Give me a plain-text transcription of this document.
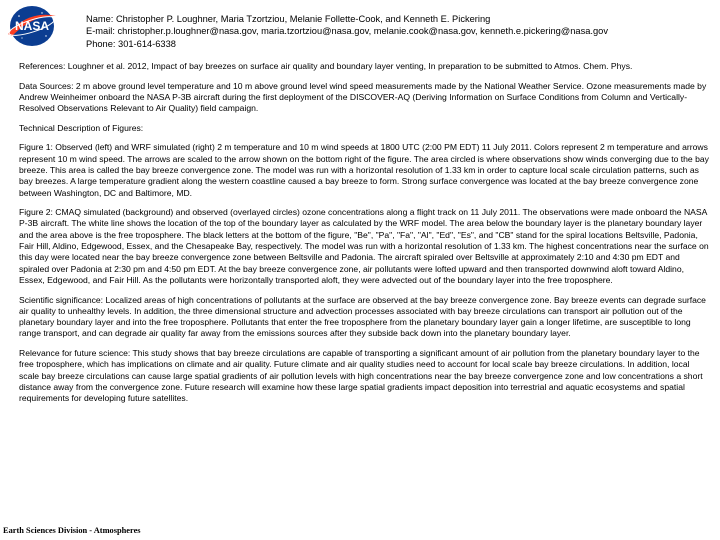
NASA	Name: Christopher P. Loughner, Maria Tzortziou, Melanie Follette-Cook, and Kenneth E. Pickering
E-mail: christopher.p.loughner@nasa.gov, maria.tzortziou@nasa.gov, melanie.cook@nasa.gov, kenneth.e.pickering@nasa.gov
Phone: 301-614-6338

References: Loughner et al. 2012, Impact of bay breezes on surface air quality and boundary layer venting, In preparation to be submitted to Atmos. Chem. Phys.

Data Sources: 2 m above ground level temperature and 10 m above ground level wind speed measurements made by the National Weather Service. Ozone measurements made by Andrew Weinheimer onboard the NASA P-3B aircraft during the first deployment of the DISCOVER-AQ (Deriving Information on Surface Conditions from Column and Vertically-Resolved Observations Relevant to Air Quality) field campaign.

Technical Description of Figures:

Figure 1: Observed (left) and WRF simulated (right) 2 m temperature and 10 m wind speeds at 1800 UTC (2:00 PM EDT) 11 July 2011. Colors represent 2 m temperature and arrows represent 10 m wind speed. The arrows are scaled to the arrow shown on the bottom right of the figure. The area circled is where observations show winds converging due to the bay breeze. This area is called the bay breeze convergence zone. The model was run with a horizontal resolution of 1.33 km in order to capture local scale circulation patterns, such as bay breezes. A large temperature gradient along the western coastline caused a bay breeze to form. Strong surface convergence was located at the bay breeze convergence zone between Washington, DC and Baltimore, MD.

Figure 2: CMAQ simulated (background) and observed (overlayed circles) ozone concentrations along a flight track on 11 July 2011. The observations were made onboard the NASA P-3B aircraft. The white line shows the location of the top of the boundary layer as calculated by the WRF model. The area below the boundary layer is the planetary boundary layer and the area above is the free troposphere. The black letters at the bottom of the figure, "Be", "Pa", "Fa", "Al", "Ed", "Es", and "CB" stand for the spiral locations Beltsville, Padonia, Fair Hill, Aldino, Edgewood, Essex, and the Chesapeake Bay, respectively. The model was run with a horizontal resolution of 1.33 km. The highest concentrations near the surface on this day were located near the bay breeze convergence zone between Beltsville and Padonia. The aircraft spiraled over Beltsville at approximately 2:10 and 4:30 pm EDT and spiraled over Padonia at 2:30 pm and 4:50 pm EDT. At the bay breeze convergence zone, air pollutants were lofted upward and then transported downwind aloft toward Aldino, Essex, Edgewood, and Fair Hill. As the pollutants were horizontally transported aloft, they were advected out of the boundary layer into the free troposphere.

Scientific significance: Localized areas of high concentrations of pollutants at the surface are observed at the bay breeze convergence zone. Bay breeze events can degrade surface air quality to unhealthy levels. In addition, the three dimensional structure and advection processes associated with bay breeze circulations can transport air pollution out of the planetary boundary layer and into the free troposphere. Pollutants that enter the free troposphere from the planetary boundary layer gain a longer lifetime, are susceptible to long range transport, and can degrade air quality far away from the emissions sources after they subside back down into the planetary boundary layer.

Relevance for future science: This study shows that bay breeze circulations are capable of transporting a significant amount of air pollution from the planetary boundary layer to the free troposphere, which has implications on climate and air quality. Future climate and air quality studies need to account for local scale bay breeze circulations. In addition, local scale bay breeze circulations can cause large spatial gradients of air pollution levels with high concentrations near the bay breeze convergence zone and low concentrations a short distance away from the convergence zone. Future research will examine how these large spatial gradients impact deposition into terrestrial and aquatic ecosystems and spatial requirements for developing future satellites.

Earth Sciences Division - Atmospheres
